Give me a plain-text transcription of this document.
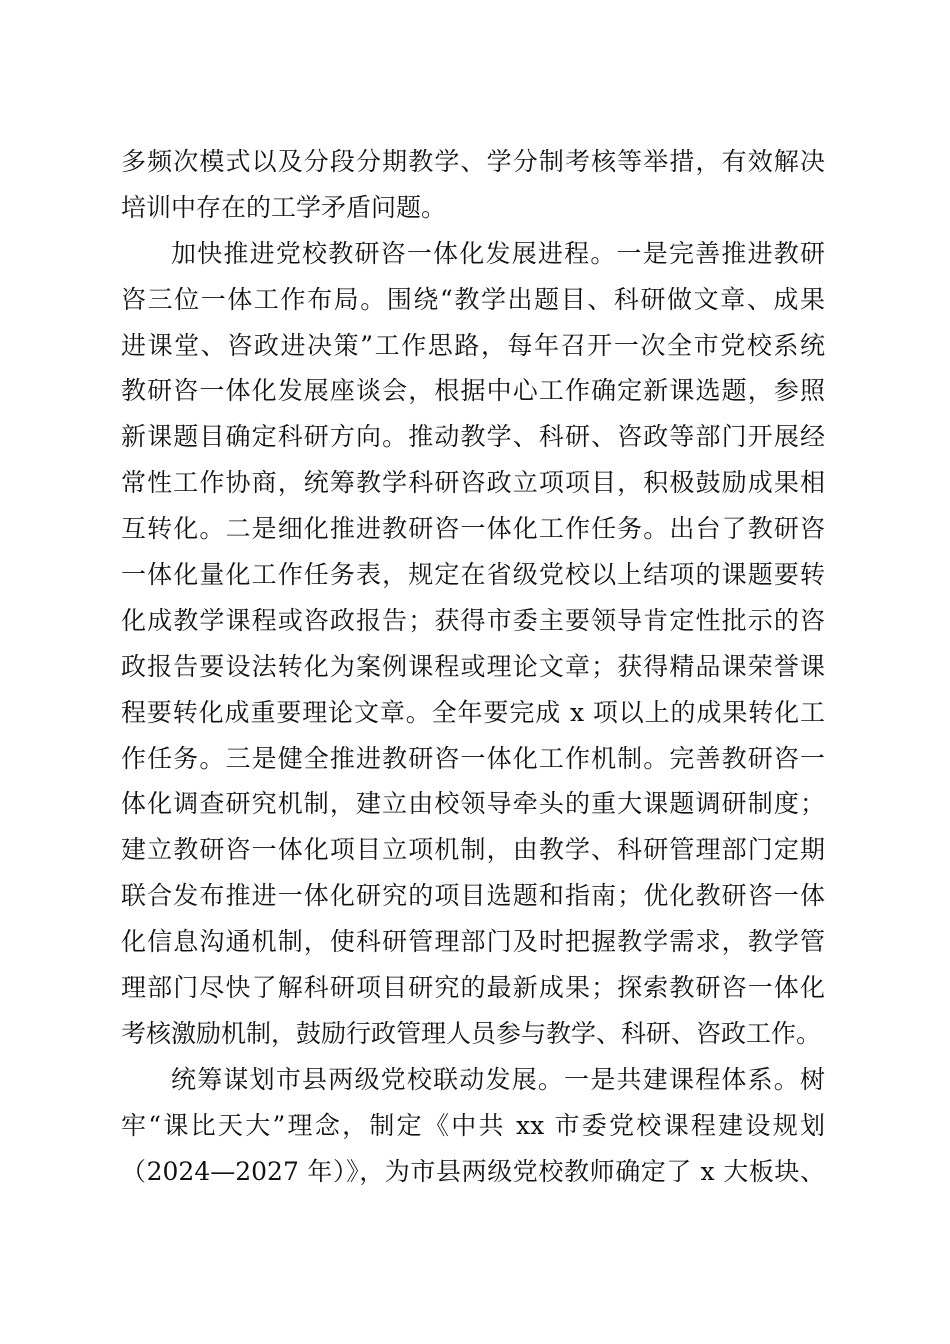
多频次模式以及分段分期教学、学分制考核等举措，有效解决
培训中存在的工学矛盾问题。
加快推进党校教研咨一体化发展进程。一是完善推进教研
咨三位一体工作布局。围绕“教学出题目、科研做文章、成果
进课堂、咨政进决策”工作思路，每年召开一次全市党校系统
教研咨一体化发展座谈会，根据中心工作确定新课选题，参照
新课题目确定科研方向。推动教学、科研、咨政等部门开展经
常性工作协商，统筹教学科研咨政立项项目，积极鼓励成果相
互转化。二是细化推进教研咨一体化工作任务。出台了教研咨
一体化量化工作任务表，规定在省级党校以上结项的课题要转
化成教学课程或咨政报告；获得市委主要领导肯定性批示的咨
政报告要设法转化为案例课程或理论文章；获得精品课荣誉课
程要转化成重要理论文章。全年要完成 x 项以上的成果转化工
作任务。三是健全推进教研咨一体化工作机制。完善教研咨一
体化调查研究机制，建立由校领导牵头的重大课题调研制度；
建立教研咨一体化项目立项机制，由教学、科研管理部门定期
联合发布推进一体化研究的项目选题和指南；优化教研咨一体
化信息沟通机制，使科研管理部门及时把握教学需求，教学管
理部门尽快了解科研项目研究的最新成果；探索教研咨一体化
考核激励机制，鼓励行政管理人员参与教学、科研、咨政工作。
统筹谋划市县两级党校联动发展。一是共建课程体系。树
牢“课比天大”理念，制定《中共 xx 市委党校课程建设规划
（2024—2027 年）》，为市县两级党校教师确定了 x 大板块、
